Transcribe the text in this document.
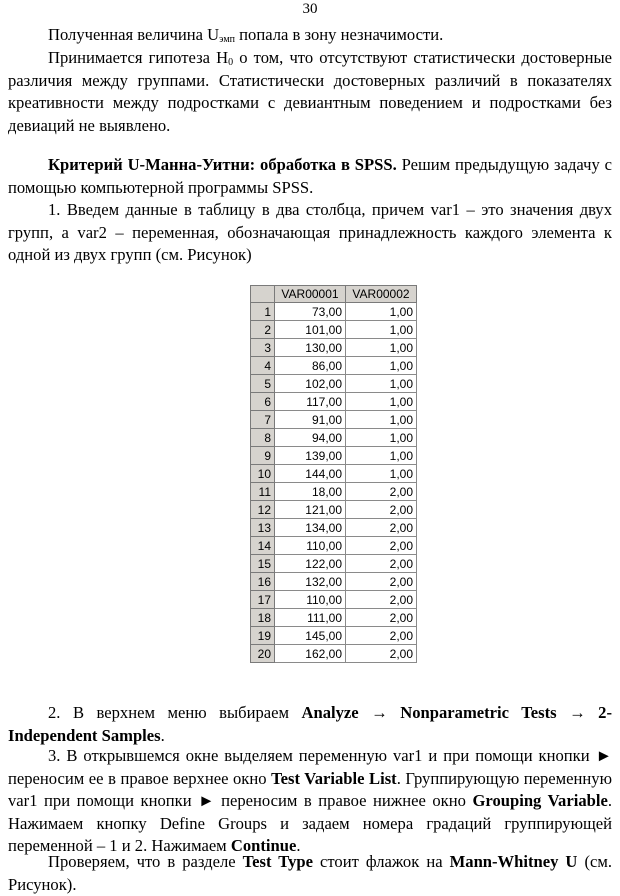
30
Полученная величина $U_{эмп}$ попала в зону незначимости.
Принимается гипотеза $H_0$ о том, что отсутствуют статистически достоверные различия между группами. Статистически достоверных различий в показателях креативности между подростками с девиантным поведением и подростками без девиаций не выявлено.
Критерий U-Манна-Уитни: обработка в SPSS. Решим предыдущую задачу с помощью компьютерной программы SPSS.
1. Введем данные в таблицу в два столбца, причем var1 – это значения двух групп, а var2 – переменная, обозначающая принадлежность каждого элемента к одной из двух групп (см. Рисунок)
	VAR00001	VAR00002
1	73,00	1,00
2	101,00	1,00
3	130,00	1,00
4	86,00	1,00
5	102,00	1,00
6	117,00	1,00
7	91,00	1,00
8	94,00	1,00
9	139,00	1,00
10	144,00	1,00
11	18,00	2,00
12	121,00	2,00
13	134,00	2,00
14	110,00	2,00
15	122,00	2,00
16	132,00	2,00
17	110,00	2,00
18	111,00	2,00
19	145,00	2,00
20	162,00	2,00
2. В верхнем меню выбираем Analyze → Nonparametric Tests → 2-Independent Samples.
3. В открывшемся окне выделяем переменную var1 и при помощи кнопки ► переносим ее в правое верхнее окно Test Variable List. Группирующую переменную var1 при помощи кнопки ► переносим в правое нижнее окно Grouping Variable. Нажимаем кнопку Define Groups и задаем номера градаций группирующей переменной – 1 и 2. Нажимаем Continue.
Проверяем, что в разделе Test Type стоит флажок на Mann-Whitney U (см. Рисунок).
